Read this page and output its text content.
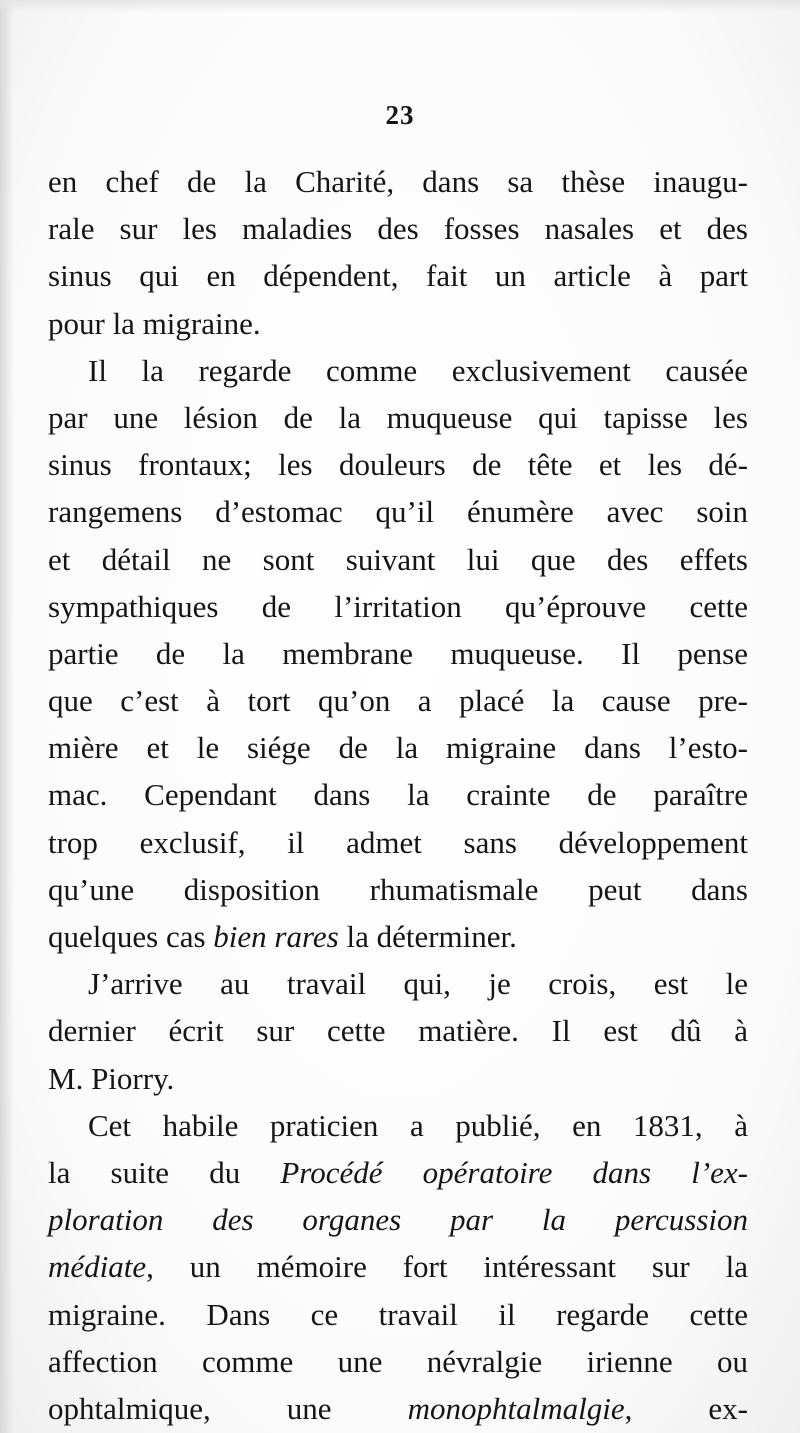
23
en chef de la Charité, dans sa thèse inaugu-
rale sur les maladies des fosses nasales et des
sinus qui en dépendent, fait un article à part
pour la migraine.
Il la regarde comme exclusivement causée
par une lésion de la muqueuse qui tapisse les
sinus frontaux; les douleurs de tête et les dé-
rangemens d’estomac qu’il énumère avec soin
et détail ne sont suivant lui que des effets
sympathiques de l’irritation qu’éprouve cette
partie de la membrane muqueuse. Il pense
que c’est à tort qu’on a placé la cause pre-
mière et le siége de la migraine dans l’esto-
mac. Cependant dans la crainte de paraître
trop exclusif, il admet sans développement
qu’une disposition rhumatismale peut dans
quelques cas bien rares la déterminer.
J’arrive au travail qui, je crois, est le
dernier écrit sur cette matière. Il est dû à
M. Piorry.
Cet habile praticien a publié, en 1831, à
la suite du Procédé opératoire dans l’ex-
ploration des organes par la percussion
médiate, un mémoire fort intéressant sur la
migraine. Dans ce travail il regarde cette
affection comme une névralgie irienne ou
ophtalmique, une monophtalmalgie, ex-
